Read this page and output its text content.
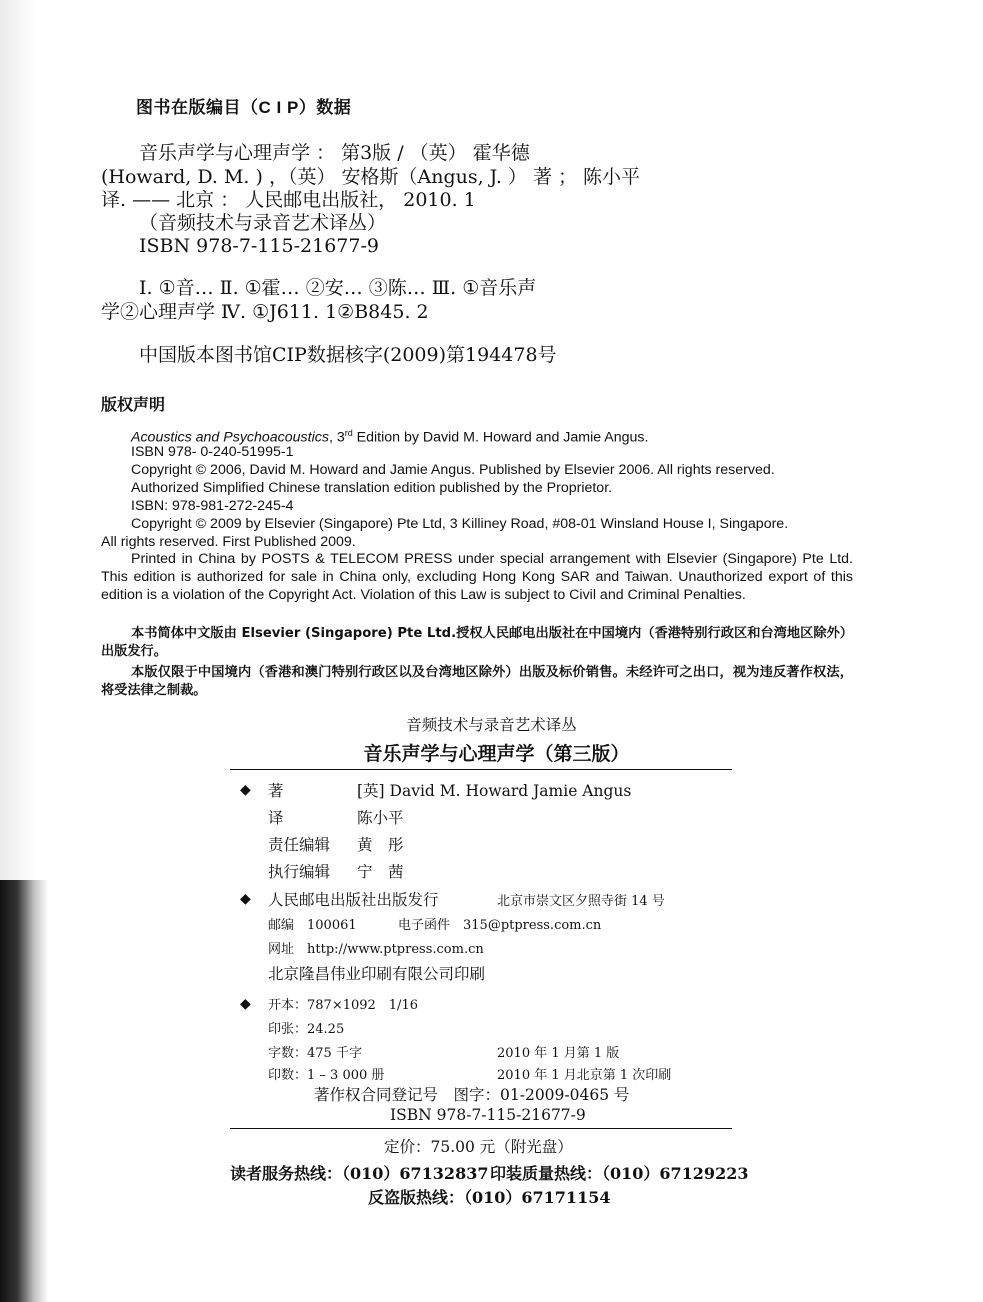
图书在版编目（C I P）数据
音乐声学与心理声学 ： 第3版 / （英） 霍华德
(Howard, D. M. ) ，（英） 安格斯（Angus, J. ） 著 ； 陈小平
译. —— 北京 ： 人民邮电出版社， 2010. 1
（音频技术与录音艺术译丛）
ISBN 978-7-115-21677-9
Ⅰ. ①音… Ⅱ. ①霍… ②安… ③陈… Ⅲ. ①音乐声
学②心理声学 Ⅳ. ①J611. 1②B845. 2
中国版本图书馆CIP数据核字(2009)第194478号
版权声明
Acoustics and Psychoacoustics, 3rd Edition by David M. Howard and Jamie Angus.
ISBN 978- 0-240-51995-1
Copyright © 2006, David M. Howard and Jamie Angus. Published by Elsevier 2006. All rights reserved.
Authorized Simplified Chinese translation edition published by the Proprietor.
ISBN: 978-981-272-245-4
Copyright © 2009 by Elsevier (Singapore) Pte Ltd, 3 Killiney Road, #08-01 Winsland House I, Singapore.
All rights reserved. First Published 2009.
Printed in China by POSTS & TELECOM PRESS under special arrangement with Elsevier (Singapore) Pte Ltd. This edition is authorized for sale in China only, excluding Hong Kong SAR and Taiwan. Unauthorized export of this edition is a violation of the Copyright Act. Violation of this Law is subject to Civil and Criminal Penalties.
本书简体中文版由 Elsevier (Singapore) Pte Ltd.授权人民邮电出版社在中国境内（香港特别行政区和台湾地区除外）出版发行。
本版仅限于中国境内（香港和澳门特别行政区以及台湾地区除外）出版及标价销售。未经许可之出口，视为违反著作权法，将受法律之制裁。
音频技术与录音艺术译丛
音乐声学与心理声学（第三版）
◆ 著	[英] David M. Howard Jamie Angus
译	陈小平
责任编辑 黄　彤
执行编辑 宁　茜
◆ 人民邮电出版社出版发行	北京市崇文区夕照寺街 14 号
邮编　100061	电子函件　315@ptpress.com.cn
网址　http://www.ptpress.com.cn
北京隆昌伟业印刷有限公司印刷
◆ 开本：787×1092　1/16
印张：24.25
字数：475 千字	2010 年 1 月第 1 版
印数：1 – 3 000 册	2010 年 1 月北京第 1 次印刷
著作权合同登记号　图字：01-2009-0465 号
ISBN 978-7-115-21677-9
定价：75.00 元（附光盘）
读者服务热线：（010）67132837 印装质量热线：（010）67129223
反盗版热线：（010）67171154
